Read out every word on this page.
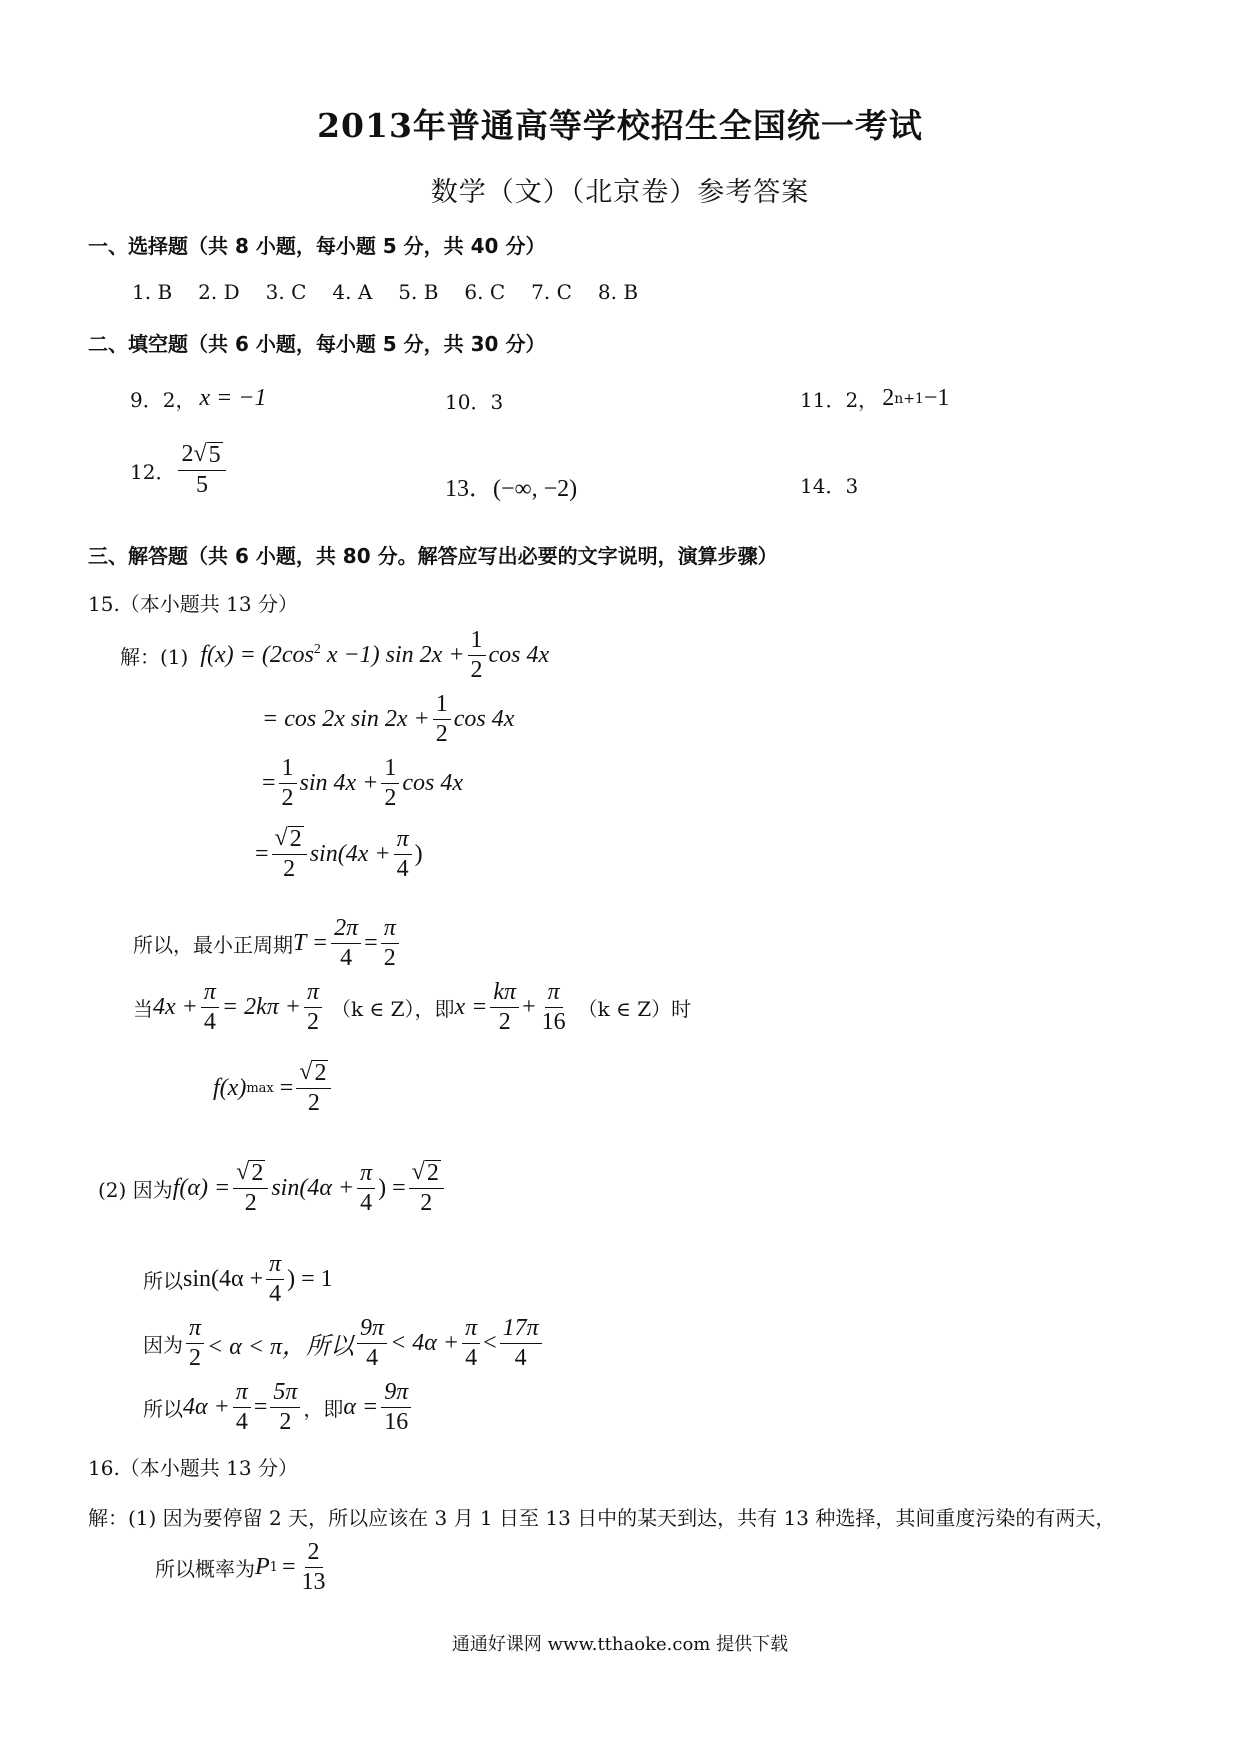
2013年普通高等学校招生全国统一考试
数学（文）（北京卷）参考答案
一、选择题（共 8 小题，每小题 5 分，共 40 分）
1. B 2. D 3. C 4. A 5. B 6. C 7. C 8. B
二、填空题（共 6 小题，每小题 5 分，共 30 分）
9．2， x = −1	10．3	11．2， 2 n+1 −1
12． $\frac{2 √ 5}{5}$	13．(−∞, −2)	14．3
三、解答题（共 6 小题，共 80 分。解答应写出必要的文字说明，演算步骤）
15.（本小题共 13 分）
解：(1) $f(x) = (2\cos^2$ x −1) $\sin 2x + \frac{1}{2}$ cos 4x
= cos 2x $\sin 2x + \frac{1}{2}$ cos 4x
= $\frac{1}{2}$ $\sin 4x + \frac{1}{2}$ cos 4x
= $\frac{√ 2}{2} \sin(4x + \frac{\pi}{4}$ )
所以，最小正周期 $T = \frac{2\pi}{4} = \frac{\pi}{2}$
当 $4x + \frac{\pi}{4} = 2k\pi + \frac{\pi}{2} (k$ ∈ Z），即 $x = \frac{k\pi}{2} + \frac{\pi}{16} (k$ ∈ Z）时
f(x) $\max = \frac{√ 2}{2}$
(2) 因为 $f(\alpha) = \frac{√ 2}{2} \sin(4\alpha + \frac{\pi}{4}$ ) = $\frac{√ 2}{2}$
所以 $\sin(4\alpha + \frac{\pi}{4}$ ) = 1
因为 $\frac{\pi}{2} < \alpha < \pi$，所以 $\frac{9\pi}{4} < 4\alpha + \frac{\pi}{4} < \frac{17\pi}{4}$
所以 $4\alpha + \frac{\pi}{4} = \frac{5\pi}{2}$ ，即 $\alpha = \frac{9\pi}{16}$
16.（本小题共 13 分）
解：(1) 因为要停留 2 天，所以应该在 3 月 1 日至 13 日中的某天到达，共有 13 种选择，其间重度污染的有两天，
所以概率为 P $1 = \frac{2}{13}$
通通好课网 www.tthaoke.com 提供下载
